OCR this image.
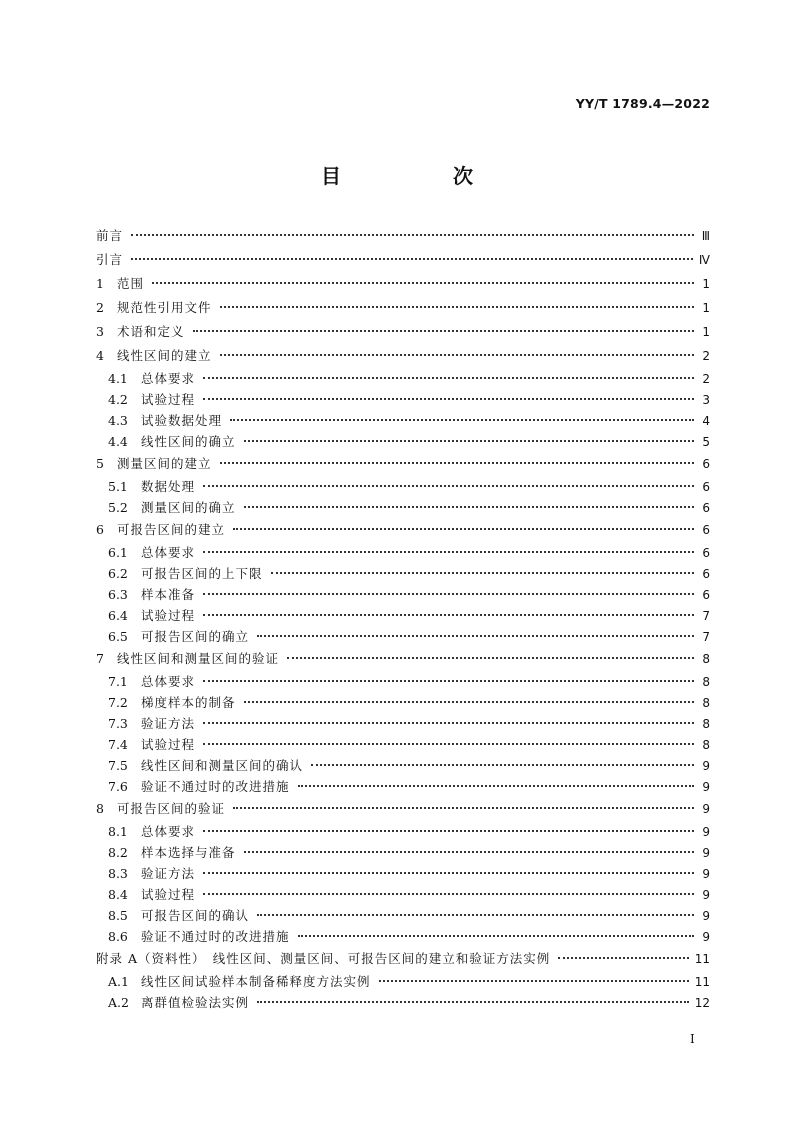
YY/T 1789.4—2022
目　次
前言	Ⅲ
引言	Ⅳ
1	范围	1
2	规范性引用文件	1
3	术语和定义	1
4	线性区间的建立	2
4.1	总体要求	2
4.2	试验过程	3
4.3	试验数据处理	4
4.4	线性区间的确立	5
5	测量区间的建立	6
5.1	数据处理	6
5.2	测量区间的确立	6
6	可报告区间的建立	6
6.1	总体要求	6
6.2	可报告区间的上下限	6
6.3	样本准备	6
6.4	试验过程	7
6.5	可报告区间的确立	7
7	线性区间和测量区间的验证	8
7.1	总体要求	8
7.2	梯度样本的制备	8
7.3	验证方法	8
7.4	试验过程	8
7.5	线性区间和测量区间的确认	9
7.6	验证不通过时的改进措施	9
8	可报告区间的验证	9
8.1	总体要求	9
8.2	样本选择与准备	9
8.3	验证方法	9
8.4	试验过程	9
8.5	可报告区间的确认	9
8.6	验证不通过时的改进措施	9
附录 A（资料性）　线性区间、测量区间、可报告区间的建立和验证方法实例	11
A.1 线性区间试验样本制备稀释度方法实例	11
A.2 离群值检验法实例	12
I
